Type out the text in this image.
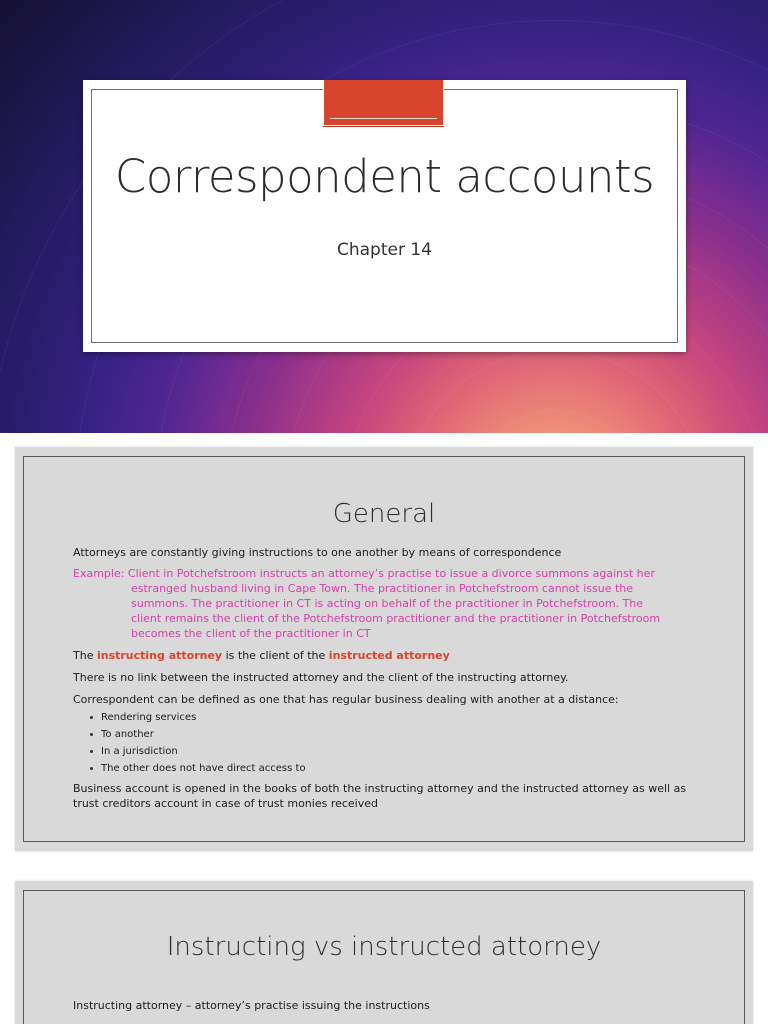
Correspondent accounts
Chapter 14
General
Attorneys are constantly giving instructions to one another by means of correspondence
Example: Client in Potchefstroom instructs an attorney’s practise to issue a divorce summons against her
estranged husband living in Cape Town. The practitioner in Potchefstroom cannot issue the
summons. The practitioner in CT is acting on behalf of the practitioner in Potchefstroom. The
client remains the client of the Potchefstroom practitioner and the practitioner in Potchefstroom
becomes the client of the practitioner in CT
The instructing attorney is the client of the instructed attorney
There is no link between the instructed attorney and the client of the instructing attorney.
Correspondent can be defined as one that has regular business dealing with another at a distance:
Rendering services
To another
In a jurisdiction
The other does not have direct access to
Business account is opened in the books of both the instructing attorney and the instructed attorney as well as
trust creditors account in case of trust monies received
Instructing vs instructed attorney
Instructing attorney – attorney’s practise issuing the instructions
